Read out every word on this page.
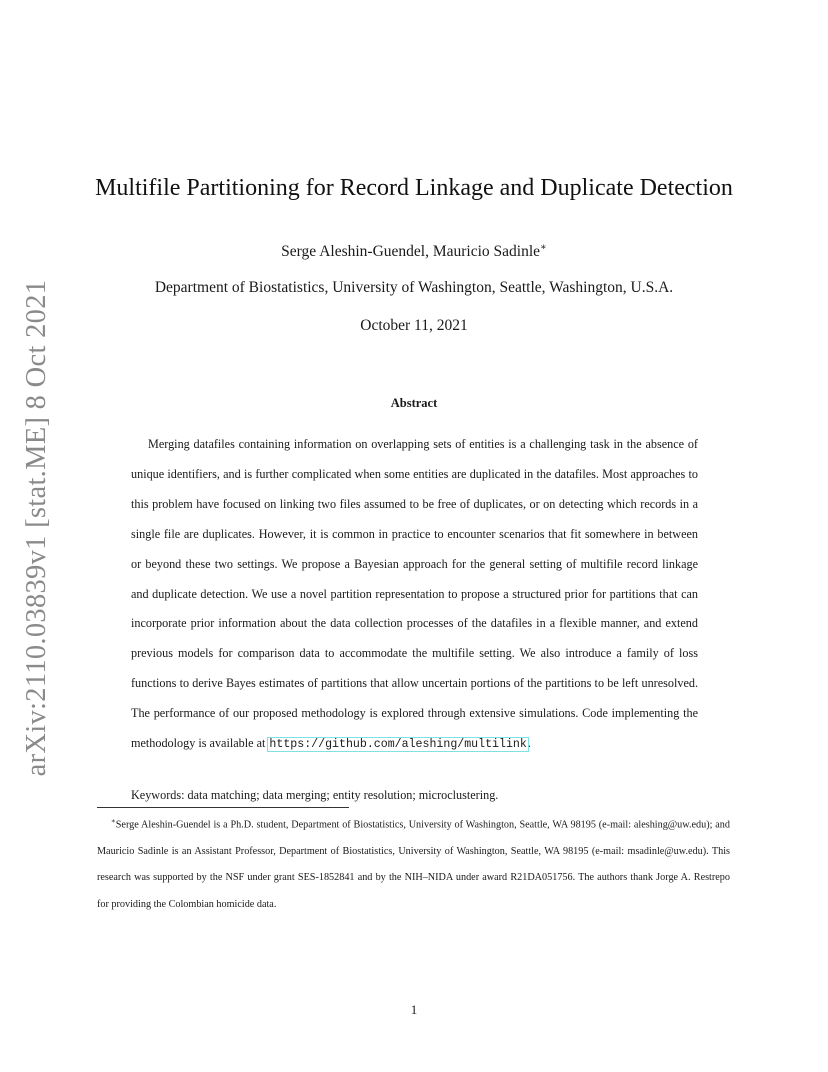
arXiv:2110.03839v1 [stat.ME] 8 Oct 2021
Multifile Partitioning for Record Linkage and Duplicate Detection
Serge Aleshin-Guendel, Mauricio Sadinle∗
Department of Biostatistics, University of Washington, Seattle, Washington, U.S.A.
October 11, 2021
Abstract
Merging datafiles containing information on overlapping sets of entities is a challenging task in the absence of unique identifiers, and is further complicated when some entities are duplicated in the datafiles. Most approaches to this problem have focused on linking two files assumed to be free of duplicates, or on detecting which records in a single file are duplicates. However, it is common in practice to encounter scenarios that fit somewhere in between or beyond these two settings. We propose a Bayesian approach for the general setting of multifile record linkage and duplicate detection. We use a novel partition representation to propose a structured prior for partitions that can incorporate prior information about the data collection processes of the datafiles in a flexible manner, and extend previous models for comparison data to accommodate the multifile setting. We also introduce a family of loss functions to derive Bayes estimates of partitions that allow uncertain portions of the partitions to be left unresolved. The performance of our proposed methodology is explored through extensive simulations. Code implementing the methodology is available at https://github.com/aleshing/multilink.
Keywords: data matching; data merging; entity resolution; microclustering.
∗Serge Aleshin-Guendel is a Ph.D. student, Department of Biostatistics, University of Washington, Seattle, WA 98195 (e-mail: aleshing@uw.edu); and Mauricio Sadinle is an Assistant Professor, Department of Biostatistics, University of Washington, Seattle, WA 98195 (e-mail: msadinle@uw.edu). This research was supported by the NSF under grant SES-1852841 and by the NIH–NIDA under award R21DA051756. The authors thank Jorge A. Restrepo for providing the Colombian homicide data.
1
